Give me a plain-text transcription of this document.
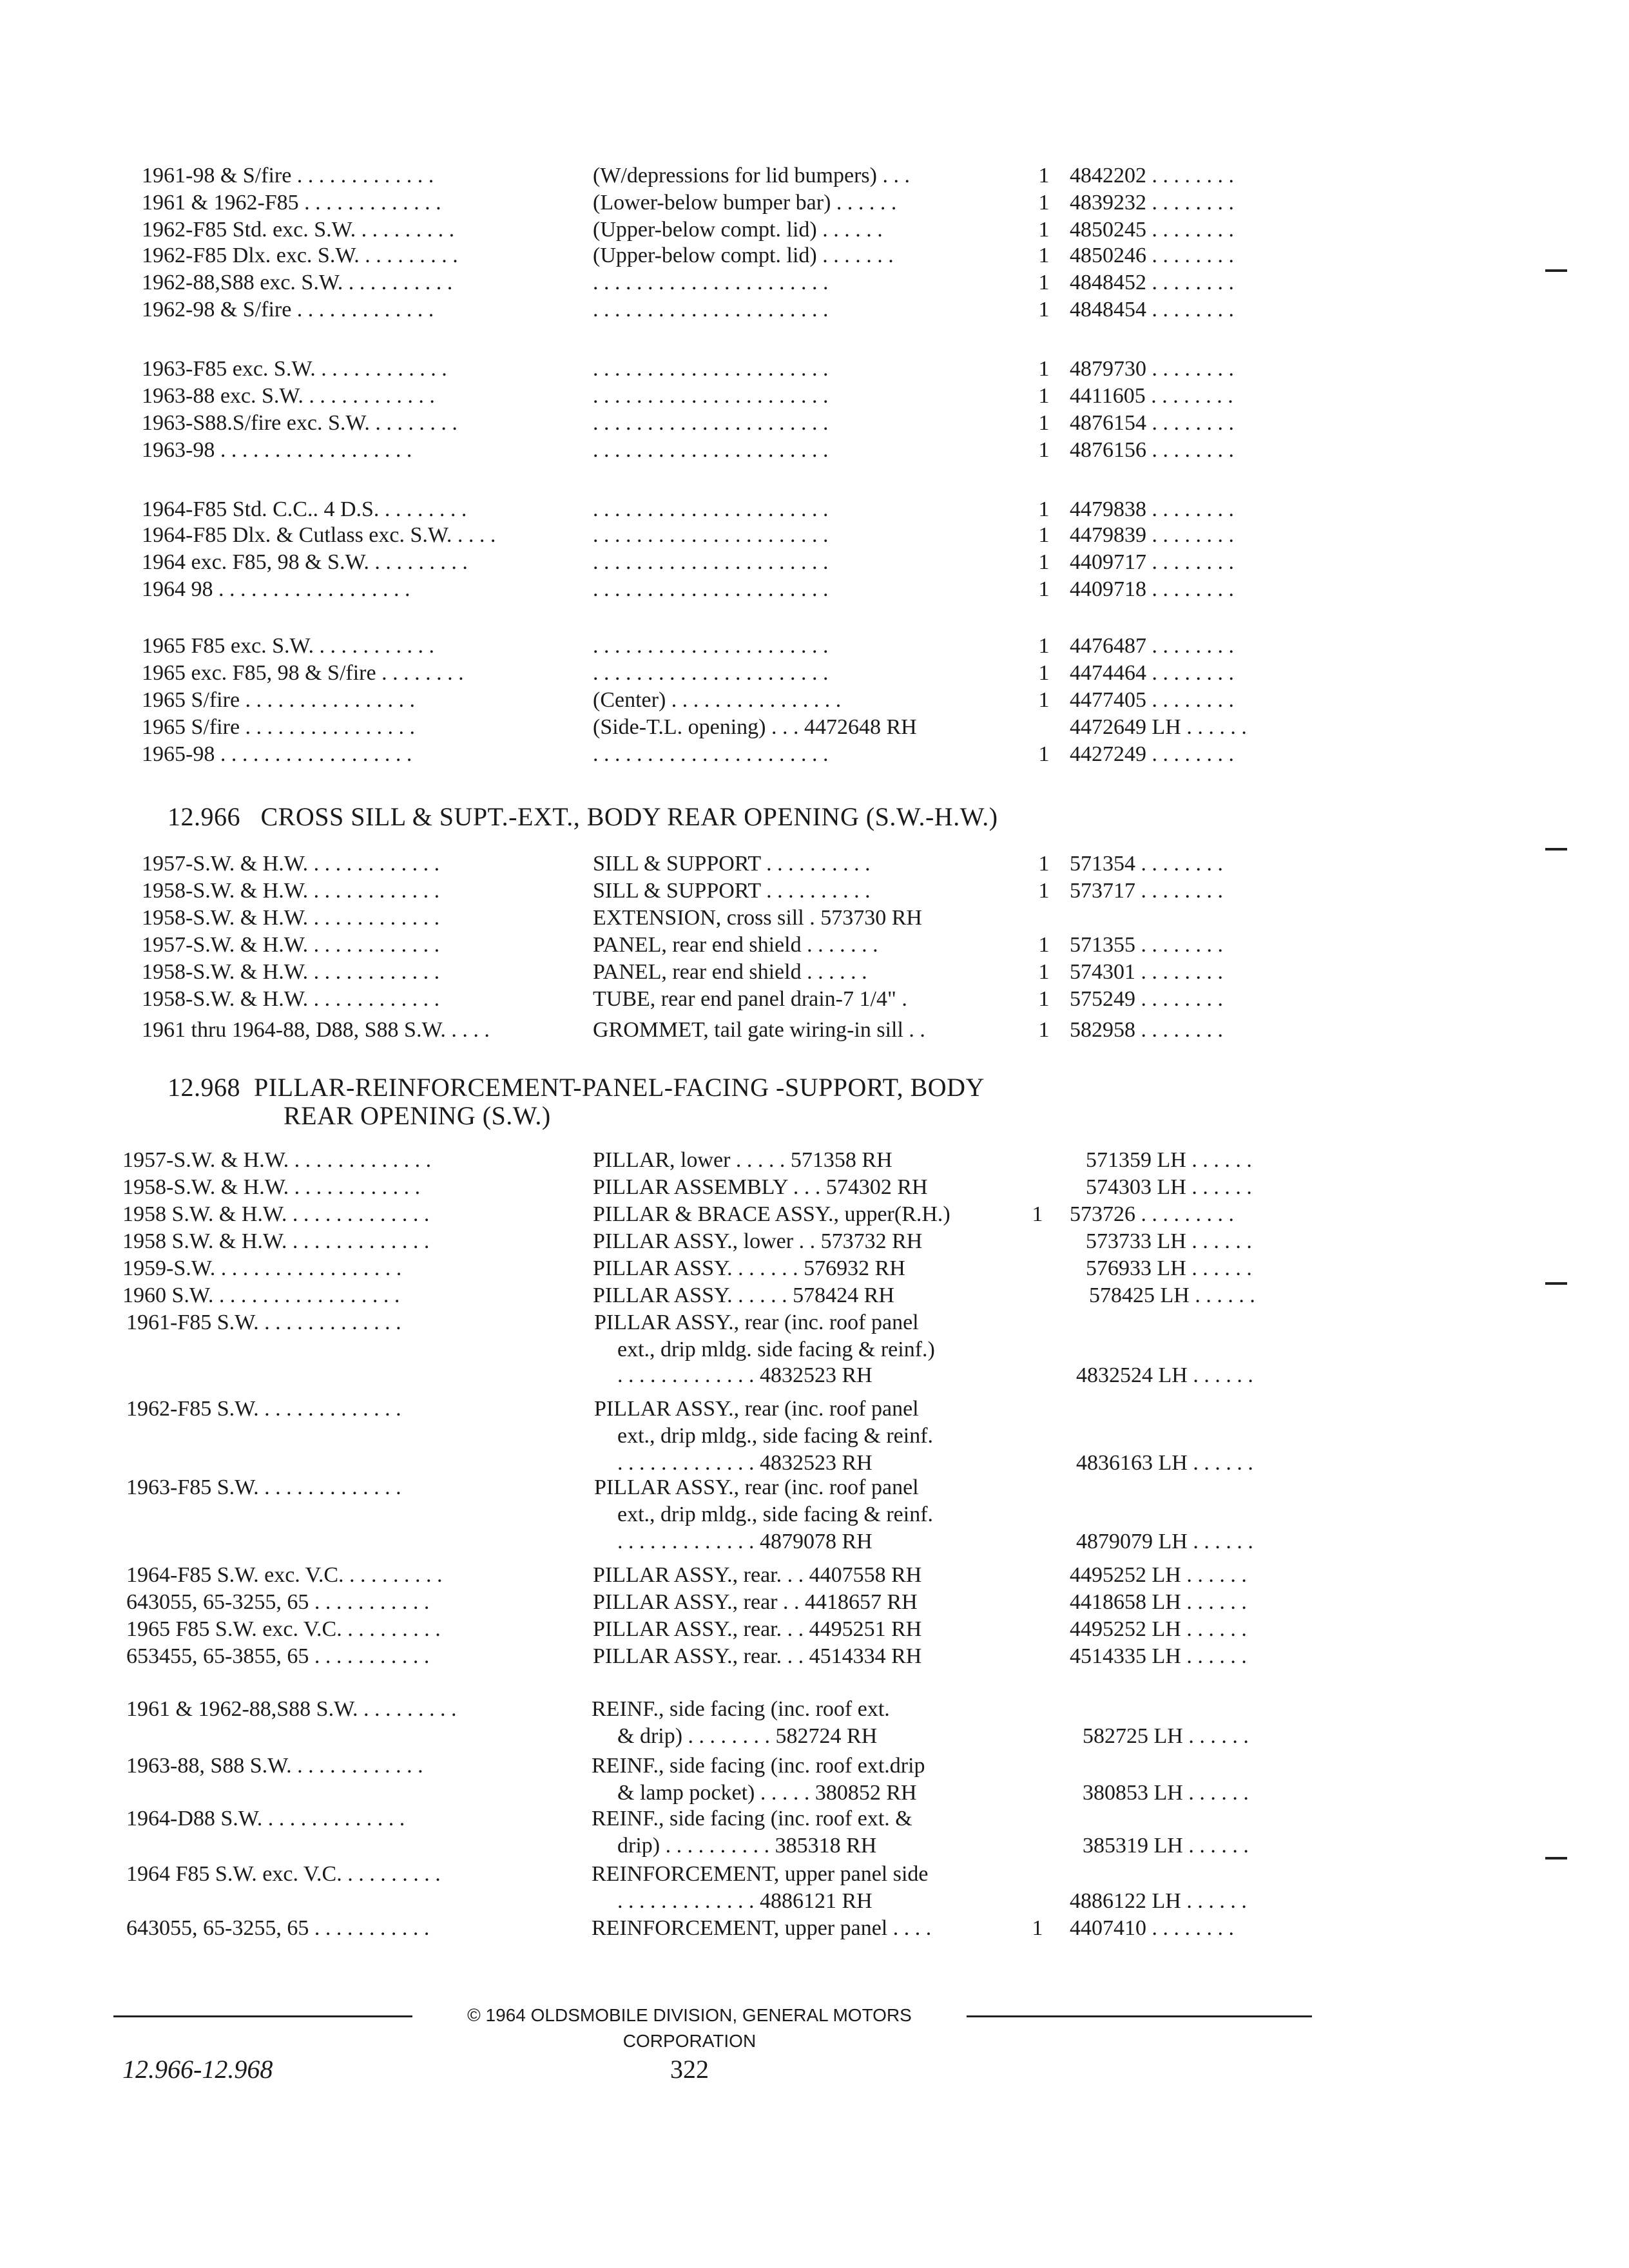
1961-98 & S/fire . . . . . . . . . . . . .	(W/depressions for lid bumpers) . . .	1 4842202 . . . . . . . .
1961 & 1962-F85 . . . . . . . . . . . . .	(Lower-below bumper bar) . . . . . .	1 4839232 . . . . . . . .
1962-F85 Std. exc. S.W. . . . . . . . . .	(Upper-below compt. lid) . . . . . .	1 4850245 . . . . . . . .
1962-F85 Dlx. exc. S.W. . . . . . . . . .	(Upper-below compt. lid) . . . . . . .	1 4850246 . . . . . . . .
1962-88,S88 exc. S.W. . . . . . . . . . .	. . . . . . . . . . . . . . . . . . . . . .	1 4848452 . . . . . . . .
1962-98 & S/fire . . . . . . . . . . . . .	. . . . . . . . . . . . . . . . . . . . . .	1 4848454 . . . . . . . .
1963-F85 exc. S.W. . . . . . . . . . . . .	. . . . . . . . . . . . . . . . . . . . . .	1 4879730 . . . . . . . .
1963-88 exc. S.W. . . . . . . . . . . . .	. . . . . . . . . . . . . . . . . . . . . .	1 4411605 . . . . . . . .
1963-S88.S/fire exc. S.W. . . . . . . . .	. . . . . . . . . . . . . . . . . . . . . .	1 4876154 . . . . . . . .
1963-98 . . . . . . . . . . . . . . . . . .	. . . . . . . . . . . . . . . . . . . . . .	1 4876156 . . . . . . . .
1964-F85 Std. C.C.. 4 D.S. . . . . . . . .	. . . . . . . . . . . . . . . . . . . . . .	1 4479838 . . . . . . . .
1964-F85 Dlx. & Cutlass exc. S.W. . . . .	. . . . . . . . . . . . . . . . . . . . . .	1 4479839 . . . . . . . .
1964 exc. F85, 98 & S.W. . . . . . . . . .	. . . . . . . . . . . . . . . . . . . . . .	1 4409717 . . . . . . . .
1964 98 . . . . . . . . . . . . . . . . . .	. . . . . . . . . . . . . . . . . . . . . .	1 4409718 . . . . . . . .
1965 F85 exc. S.W. . . . . . . . . . . .	. . . . . . . . . . . . . . . . . . . . . .	1 4476487 . . . . . . . .
1965 exc. F85, 98 & S/fire . . . . . . . .	. . . . . . . . . . . . . . . . . . . . . .	1 4474464 . . . . . . . .
1965 S/fire . . . . . . . . . . . . . . . .	(Center) . . . . . . . . . . . . . . . .	1 4477405 . . . . . . . .
1965 S/fire . . . . . . . . . . . . . . . .	(Side-T.L. opening) . . . 4472648 RH	4472649 LH . . . . . .
1965-98 . . . . . . . . . . . . . . . . . .	. . . . . . . . . . . . . . . . . . . . . .	1 4427249 . . . . . . . .
12.966 CROSS SILL & SUPT.-EXT., BODY REAR OPENING (S.W.-H.W.)
1957-S.W. & H.W. . . . . . . . . . . . .	SILL & SUPPORT . . . . . . . . . .	1 571354 . . . . . . . .
1958-S.W. & H.W. . . . . . . . . . . . .	SILL & SUPPORT . . . . . . . . . .	1 573717 . . . . . . . .
1958-S.W. & H.W. . . . . . . . . . . . .	EXTENSION, cross sill . 573730 RH
1957-S.W. & H.W. . . . . . . . . . . . .	PANEL, rear end shield . . . . . . .	1 571355 . . . . . . . .
1958-S.W. & H.W. . . . . . . . . . . . .	PANEL, rear end shield . . . . . .	1 574301 . . . . . . . .
1958-S.W. & H.W. . . . . . . . . . . . .	TUBE, rear end panel drain-7 1/4" .	1 575249 . . . . . . . .
1961 thru 1964-88, D88, S88 S.W. . . . .	GROMMET, tail gate wiring-in sill . .	1 582958 . . . . . . . .
12.968 PILLAR-REINFORCEMENT-PANEL-FACING -SUPPORT, BODY
REAR OPENING (S.W.)
1957-S.W. & H.W. . . . . . . . . . . . . .	PILLAR, lower . . . . . 571358 RH	571359 LH . . . . . .
1958-S.W. & H.W. . . . . . . . . . . . .	PILLAR ASSEMBLY . . . 574302 RH	574303 LH . . . . . .
1958 S.W. & H.W. . . . . . . . . . . . . .	PILLAR & BRACE ASSY., upper(R.H.)	1	573726 . . . . . . . . .
1958 S.W. & H.W. . . . . . . . . . . . . .	PILLAR ASSY., lower . . 573732 RH	573733 LH . . . . . .
1959-S.W. . . . . . . . . . . . . . . . . .	PILLAR ASSY. . . . . . . 576932 RH	576933 LH . . . . . .
1960 S.W. . . . . . . . . . . . . . . . . .	PILLAR ASSY. . . . . . 578424 RH	578425 LH . . . . . .
1961-F85 S.W. . . . . . . . . . . . . .	PILLAR ASSY., rear (inc. roof panel
ext., drip mldg. side facing & reinf.)
. . . . . . . . . . . . . 4832523 RH	4832524 LH . . . . . .
1962-F85 S.W. . . . . . . . . . . . . .	PILLAR ASSY., rear (inc. roof panel
ext., drip mldg., side facing & reinf.
. . . . . . . . . . . . . 4832523 RH	4836163 LH . . . . . .
1963-F85 S.W. . . . . . . . . . . . . .	PILLAR ASSY., rear (inc. roof panel
ext., drip mldg., side facing & reinf.
. . . . . . . . . . . . . 4879078 RH	4879079 LH . . . . . .
1964-F85 S.W. exc. V.C. . . . . . . . . .	PILLAR ASSY., rear. . . 4407558 RH	4495252 LH . . . . . .
643055, 65-3255, 65 . . . . . . . . . . .	PILLAR ASSY., rear . . 4418657 RH	4418658 LH . . . . . .
1965 F85 S.W. exc. V.C. . . . . . . . . .	PILLAR ASSY., rear. . . 4495251 RH	4495252 LH . . . . . .
653455, 65-3855, 65 . . . . . . . . . . .	PILLAR ASSY., rear. . . 4514334 RH	4514335 LH . . . . . .
1961 & 1962-88,S88 S.W. . . . . . . . . .	REINF., side facing (inc. roof ext.
& drip) . . . . . . . . 582724 RH	582725 LH . . . . . .
1963-88, S88 S.W. . . . . . . . . . . . .	REINF., side facing (inc. roof ext.drip
& lamp pocket) . . . . . 380852 RH	380853 LH . . . . . .
1964-D88 S.W. . . . . . . . . . . . . .	REINF., side facing (inc. roof ext. &
drip) . . . . . . . . . . 385318 RH	385319 LH . . . . . .
1964 F85 S.W. exc. V.C. . . . . . . . . .	REINFORCEMENT, upper panel side
. . . . . . . . . . . . . 4886121 RH	4886122 LH . . . . . .
643055, 65-3255, 65 . . . . . . . . . . .	REINFORCEMENT, upper panel . . . .	1	4407410 . . . . . . . .
© 1964 OLDSMOBILE DIVISION, GENERAL MOTORS CORPORATION
12.966-12.968	322
